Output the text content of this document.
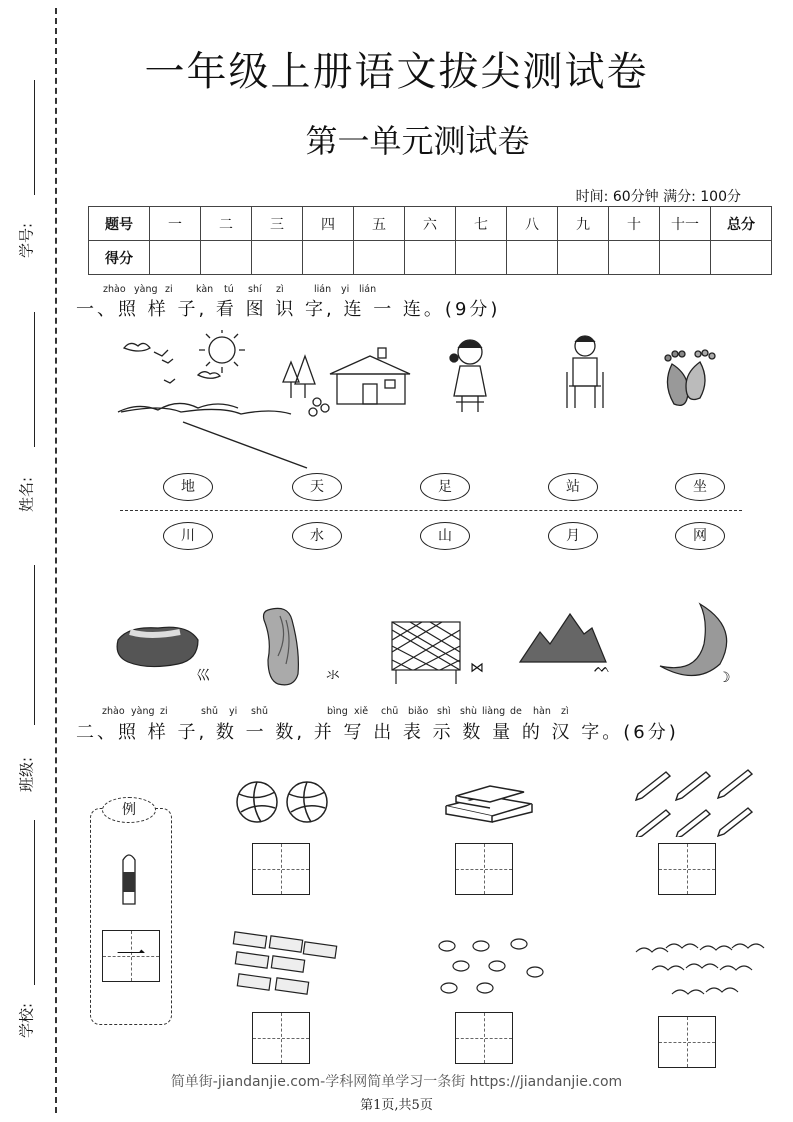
学号:
姓名:
班级:
学校:
一年级上册语文拔尖测试卷
第一单元测试卷
时间: 60分钟 满分: 100分
题号	一	二	三	四	五	六	七	八	九	十	十一	总分
得分												
zhào yàng zi kàn tú shí zì	lián yi lián
一、照 样 子, 看 图 识 字, 连 一 连。(9分)
地	天	足	站	坐
川	水	山	月	网
巛	氺	⋈	ᨓ
☽
zhào yàng zi	shǔ yi shǔ	bìng xiě chū biǎo shì shù liàng de hàn zì
二、照 样 子, 数 一 数, 并 写 出 表 示 数 量 的 汉 字。(6分)
例
一
简单街-jiandanjie.com-学科网简单学习一条街 https://jiandanjie.com
第1页,共5页
